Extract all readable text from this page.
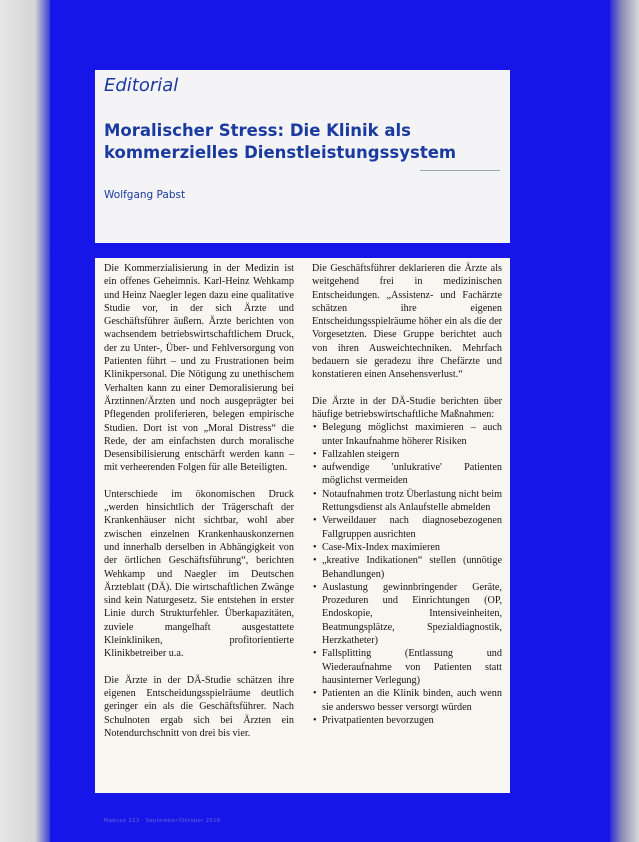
Editorial
Moralischer Stress: Die Klinik als kommerzielles Dienstleistungssystem
Wolfgang Pabst

Die Kommerzialisierung in der Medizin ist ein offenes Geheimnis. Karl-Heinz Wehkamp und Heinz Naegler legen dazu eine qualitative Studie vor, in der sich Ärzte und Geschäftsführer äußern. Ärzte berichten von wachsendem betriebswirtschaftlichem Druck, der zu Unter-, Über- und Fehlversorgung von Patienten führt – und zu Frustrationen beim Klinikpersonal. Die Nötigung zu unethischem Verhalten kann zu einer Demoralisierung bei Ärztinnen/Ärzten und noch ausgeprägter bei Pflegenden proliferieren, belegen empirische Studien. Dort ist von „Moral Distress“ die Rede, der am einfachsten durch moralische Desensibilisierung entschärft werden kann – mit verheerenden Folgen für alle Beteiligten.

Unterschiede im ökonomischen Druck „werden hinsichtlich der Trägerschaft der Krankenhäuser nicht sichtbar, wohl aber zwischen einzelnen Krankenhauskonzernen und innerhalb derselben in Abhängigkeit von der örtlichen Geschäftsführung“, berichten Wehkamp und Naegler im Deutschen Ärzteblatt (DÄ). Die wirtschaftlichen Zwänge sind kein Naturgesetz. Sie entstehen in erster Linie durch Strukturfehler. Überkapazitäten, zuviele mangelhaft ausgestattete Kleinkliniken, profitorientierte Klinikbetreiber u.a.

Die Ärzte in der DÄ-Studie schätzen ihre eigenen Entscheidungsspielräume deutlich geringer ein als die Geschäftsführer. Nach Schulnoten ergab sich bei Ärzten ein Notendurchschnitt von drei bis vier.

Die Geschäftsführer deklarieren die Ärzte als weitgehend frei in medizinischen Entscheidungen. „Assistenz- und Fachärzte schätzen ihre eigenen Entscheidungsspielräume höher ein als die der Vorgesetzten. Diese Gruppe berichtet auch von ihren Ausweichtechniken. Mehrfach bedauern sie geradezu ihre Chefärzte und konstatieren einen Ansehensverlust.“

Die Ärzte in der DÄ-Studie berichten über häufige betriebswirtschaftliche Maßnahmen:

• Belegung möglichst maximieren – auch unter Inkaufnahme höherer Risiken
• Fallzahlen steigern
• aufwendige 'unlukrative' Patienten möglichst vermeiden
• Notaufnahmen trotz Überlastung nicht beim Rettungsdienst als Anlaufstelle abmelden
• Verweildauer nach diagnosebezogenen Fallgruppen ausrichten
• Case-Mix-Index maximieren
• „kreative Indikationen“ stellen (unnötige Behandlungen)
• Auslastung gewinnbringender Geräte, Prozeduren und Einrichtungen (OP, Endoskopie, Intensiveinheiten, Beatmungsplätze, Spezialdiagnostik, Herzkatheter)
• Fallsplitting (Entlassung und Wiederaufnahme von Patienten statt hausinterner Verlegung)
• Patienten an die Klinik binden, auch wenn sie anderswo besser versorgt würden
• Privatpatienten bevorzugen
Mabuse 223 · September/Oktober 2016
